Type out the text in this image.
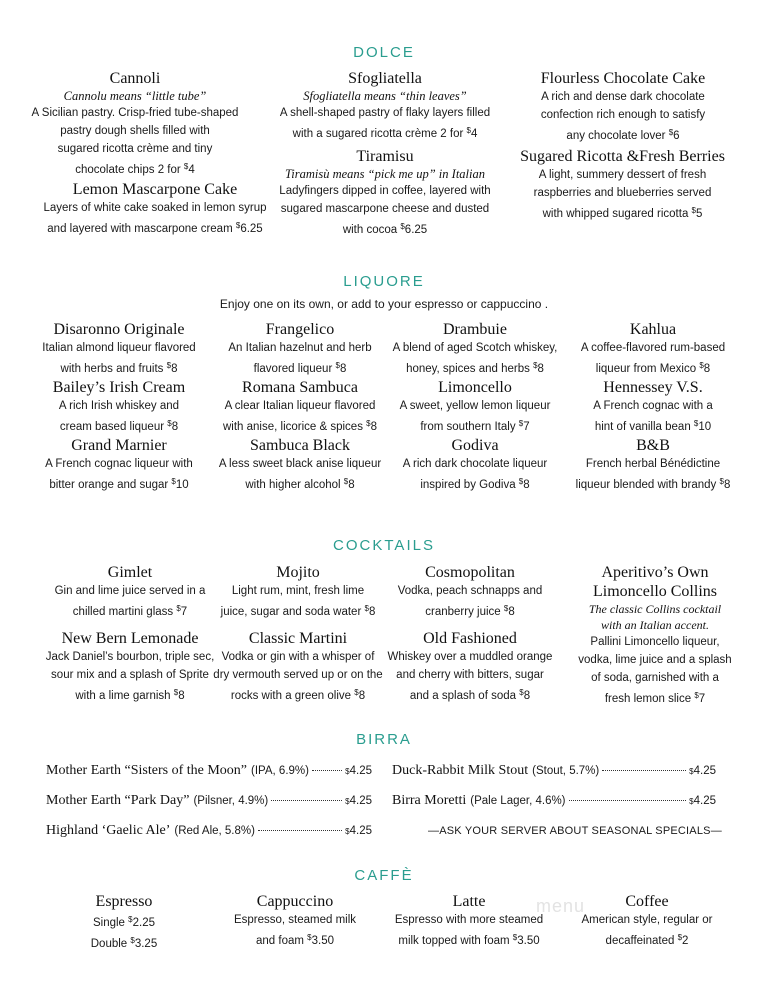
DOLCE
Cannoli
Cannolu means “little tube”
A Sicilian pastry. Crisp-fried tube-shaped
pastry dough shells filled with
sugared ricotta crème and tiny
chocolate chips 2 for $4
Lemon Mascarpone Cake
Layers of white cake soaked in lemon syrup
and layered with mascarpone cream $6.25
Sfogliatella
Sfogliatella means “thin leaves”
A shell-shaped pastry of flaky layers filled
with a sugared ricotta crème 2 for $4
Tiramisu
Tiramisù means “pick me up” in Italian
Ladyfingers dipped in coffee, layered with
sugared mascarpone cheese and dusted
with cocoa $6.25
Flourless Chocolate Cake
A rich and dense dark chocolate
confection rich enough to satisfy
any chocolate lover $6
Sugared Ricotta &Fresh Berries
A light, summery dessert of fresh
raspberries and blueberries served
with whipped sugared ricotta $5
LIQUORE
Enjoy one on its own, or add to your espresso or cappuccino .
Disaronno Originale
Italian almond liqueur flavored
with herbs and fruits $8
Frangelico
An Italian hazelnut and herb
flavored liqueur $8
Drambuie
A blend of aged Scotch whiskey,
honey, spices and herbs $8
Kahlua
A coffee-flavored rum-based
liqueur from Mexico $8
Bailey’s Irish Cream
A rich Irish whiskey and
cream based liqueur $8
Romana Sambuca
A clear Italian liqueur flavored
with anise, licorice & spices $8
Limoncello
A sweet, yellow lemon liqueur
from southern Italy $7
Hennessey V.S.
A French cognac with a
hint of vanilla bean $10
Grand Marnier
A French cognac liqueur with
bitter orange and sugar $10
Sambuca Black
A less sweet black anise liqueur
with higher alcohol $8
Godiva
A rich dark chocolate liqueur
inspired by Godiva $8
B&B
French herbal Bénédictine
liqueur blended with brandy $8
COCKTAILS
Gimlet
Gin and lime juice served in a
chilled martini glass $7
Mojito
Light rum, mint, fresh lime
juice, sugar and soda water $8
Cosmopolitan
Vodka, peach schnapps and
cranberry juice $8
Aperitivo’s Own
Limoncello Collins
The classic Collins cocktail
with an Italian accent.
Pallini Limoncello liqueur,
vodka, lime juice and a splash
of soda, garnished with a
fresh lemon slice $7
New Bern Lemonade
Jack Daniel’s bourbon, triple sec,
sour mix and a splash of Sprite
with a lime garnish $8
Classic Martini
Vodka or gin with a whisper of
dry vermouth served up or on the
rocks with a green olive $8
Old Fashioned
Whiskey over a muddled orange
and cherry with bitters, sugar
and a splash of soda $8
BIRRA
Mother Earth “Sisters of the Moon” (IPA, 6.9%)	$ 4.25
Mother Earth “Park Day” (Pilsner, 4.9%)	$ 4.25
Highland ‘Gaelic Ale’ (Red Ale, 5.8%)	$ 4.25
Duck-Rabbit Milk Stout (Stout, 5.7%)	$ 4.25
Birra Moretti (Pale Lager, 4.6%)	$ 4.25
—ASK YOUR SERVER ABOUT SEASONAL SPECIALS—
CAFFÈ
Espresso
Single $2.25
Double $3.25
Cappuccino
Espresso, steamed milk
and foam $3.50
Latte
Espresso with more steamed
milk topped with foam $3.50
Coffee
American style, regular or
decaffeinated $2
menu
